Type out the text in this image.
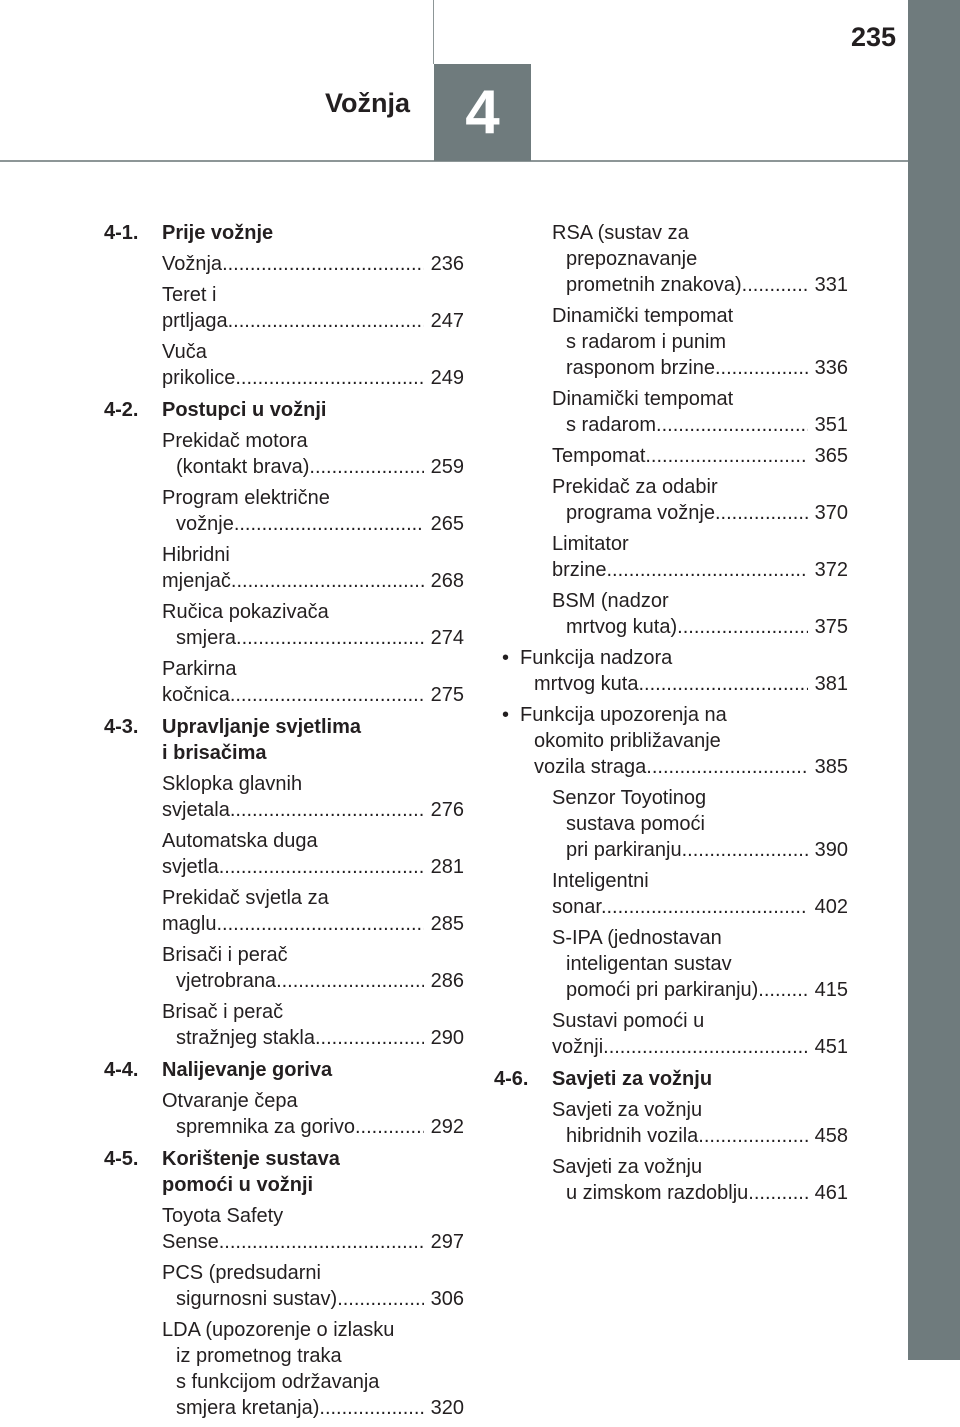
4
Vožnja
235
4-1.	Prije vožnje
Vožnja .....	236
Teret i prtljaga .....	247
Vuča prikolice .....	249
4-2.	Postupci u vožnji
Prekidač motora
(kontakt brava) .....	259
Program električne
vožnje .....	265
Hibridni mjenjač .....	268
Ručica pokazivača
smjera .....	274
Parkirna kočnica .....	275
4-3.	Upravljanje svjetlima
i brisačima
Sklopka glavnih svjetala .....	276
Automatska duga svjetla .....	281
Prekidač svjetla za maglu .....	285
Brisači i perač
vjetrobrana .....	286
Brisač i perač
stražnjeg stakla .....	290
4-4.	Nalijevanje goriva
Otvaranje čepa
spremnika za gorivo .....	292
4-5.	Korištenje sustava
pomoći u vožnji
Toyota Safety Sense .....	297
PCS (predsudarni
sigurnosni sustav) .....	306
LDA (upozorenje o izlasku
iz prometnog traka
s funkcijom održavanja
smjera kretanja) .....	320
RSA (sustav za
prepoznavanje
prometnih znakova) .....	331
Dinamički tempomat
s radarom i punim
rasponom brzine .....	336
Dinamički tempomat
s radarom .....	351
Tempomat .....	365
Prekidač za odabir
programa vožnje .....	370
Limitator brzine .....	372
BSM (nadzor
mrtvog kuta) .....	375
• Funkcija nadzora
mrtvog kuta .....	381
• Funkcija upozorenja na
okomito približavanje
vozila straga .....	385
Senzor Toyotinog
sustava pomoći
pri parkiranju .....	390
Inteligentni sonar .....	402
S-IPA (jednostavan
inteligentan sustav
pomoći pri parkiranju) .....	415
Sustavi pomoći u vožnji .....	451
4-6.	Savjeti za vožnju
Savjeti za vožnju
hibridnih vozila .....	458
Savjeti za vožnju
u zimskom razdoblju .....	461
